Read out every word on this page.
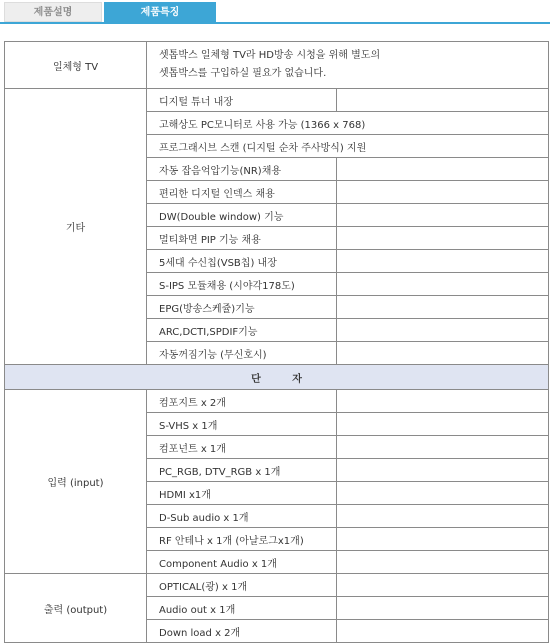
제품설명	제품특징
일체형 TV	셋톱박스 일체형 TV라 HD방송 시청을 위해 별도의
셋톱박스를 구입하실 필요가 없습니다.	

기타	디지털 튜너 내장	
	고해상도 PC모니터로 사용 가능 (1366 x 768)	
	프로그래시브 스캔 (디지털 순차 주사방식) 지원	
	자동 잡음억압기능(NR)채용	
	편리한 디지털 인덱스 채용	
	DW(Double window) 기능	
	멀티화면 PIP 기능 채용	
	5세대 수신칩(VSB칩) 내장	
	S-IPS 모듈채용 (시야각178도)	
	EPG(방송스케쥴)기능	
	ARC,DCTI,SPDIF기능	
	자동꺼짐기능 (무신호시)	
단 자		
입력 (input)	컴포지트 x 2개	
	S-VHS x 1개	
	컴포넌트 x 1개	
	PC_RGB, DTV_RGB x 1개	
	HDMI x1개	
	D-Sub audio x 1개	
	RF 안테나 x 1개 (아날로그x1개)	
	Component Audio x 1개	
출력 (output)	OPTICAL(광) x 1개	
	Audio out x 1개	
	Down load x 2개	
